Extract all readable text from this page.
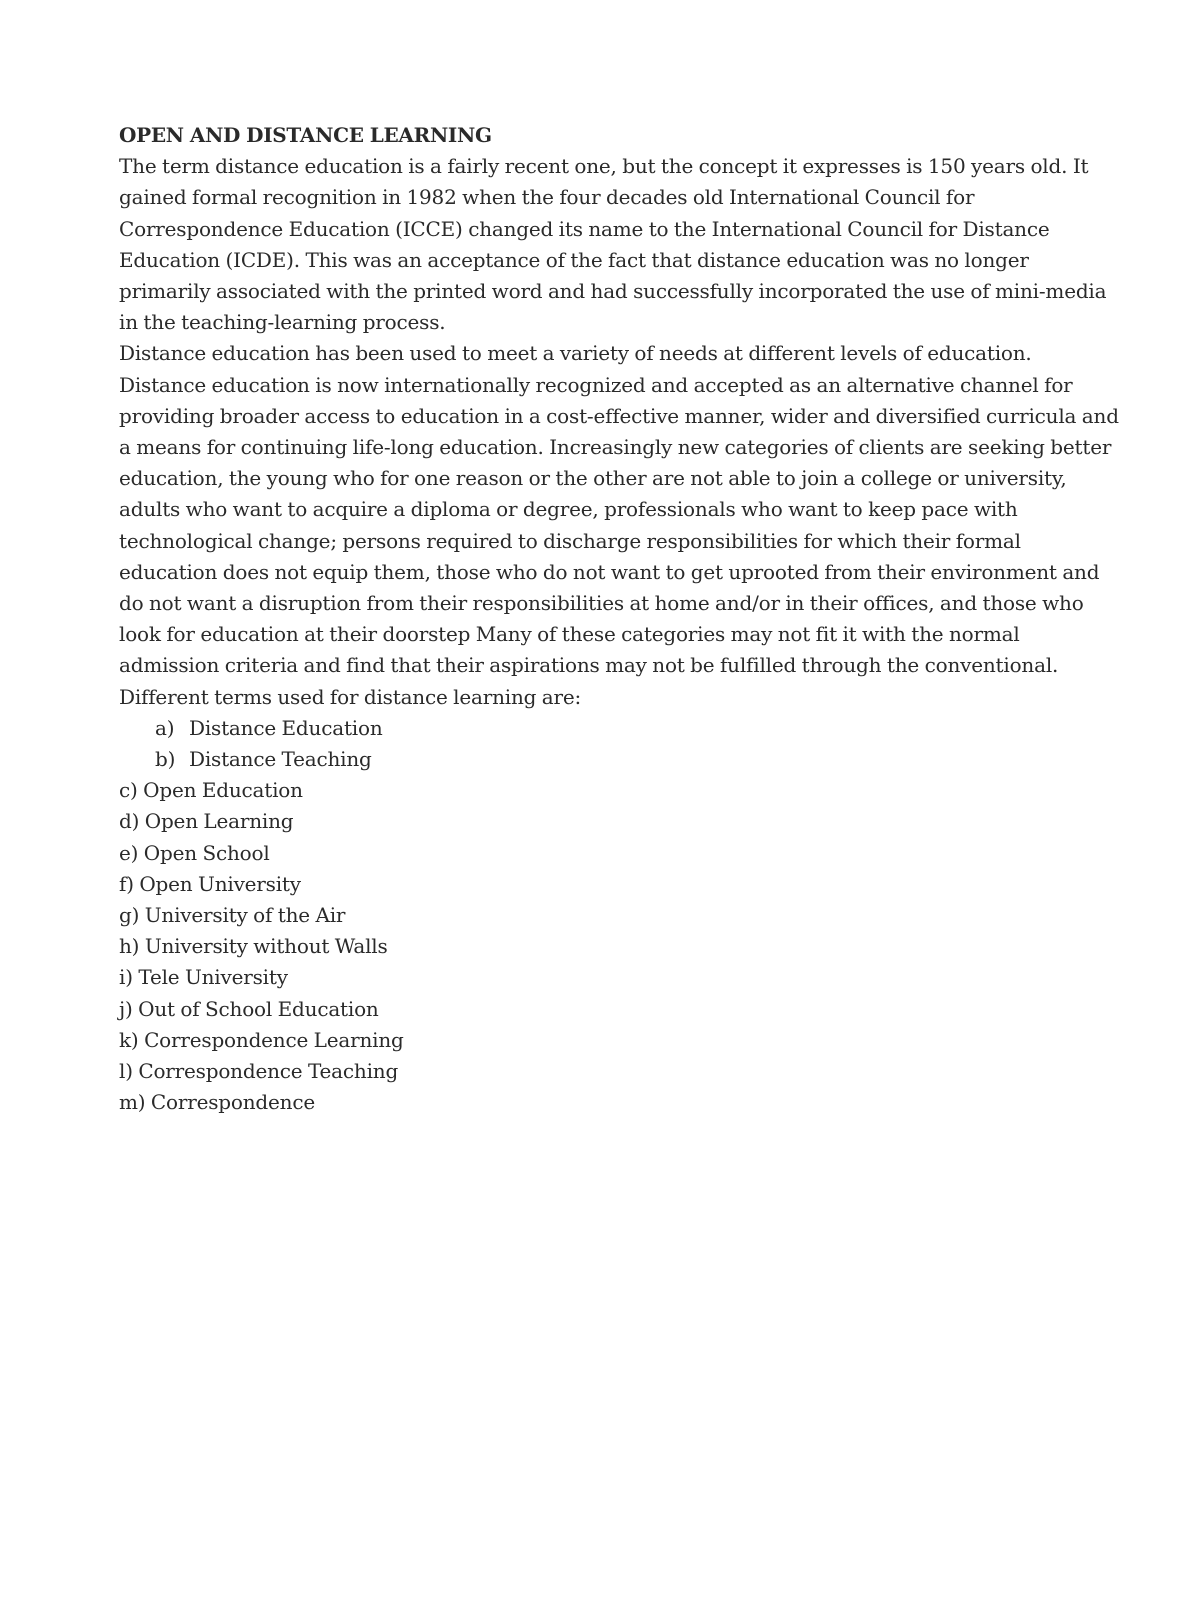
OPEN AND DISTANCE LEARNING

The term distance education is a fairly recent one, but the concept it expresses is 150 years old. It gained formal recognition in 1982 when the four decades old International Council for Correspondence Education (ICCE) changed its name to the International Council for Distance Education (ICDE). This was an acceptance of the fact that distance education was no longer primarily associated with the printed word and had successfully incorporated the use of mini-media in the teaching-learning process.

Distance education has been used to meet a variety of needs at different levels of education. Distance education is now internationally recognized and accepted as an alternative channel for providing broader access to education in a cost-effective manner, wider and diversified curricula and a means for continuing life-long education. Increasingly new categories of clients are seeking better education, the young who for one reason or the other are not able to join a college or university, adults who want to acquire a diploma or degree, professionals who want to keep pace with technological change; persons required to discharge responsibilities for which their formal education does not equip them, those who do not want to get uprooted from their environment and do not want a disruption from their responsibilities at home and/or in their offices, and those who look for education at their doorstep Many of these categories may not fit it with the normal admission criteria and find that their aspirations may not be fulfilled through the conventional.

Different terms used for distance learning are:

a) Distance Education
b) Distance Teaching
c) Open Education
d) Open Learning
e) Open School
f) Open University
g) University of the Air
h) University without Walls
i) Tele University
j) Out of School Education
k) Correspondence Learning
l) Correspondence Teaching
m) Correspondence
